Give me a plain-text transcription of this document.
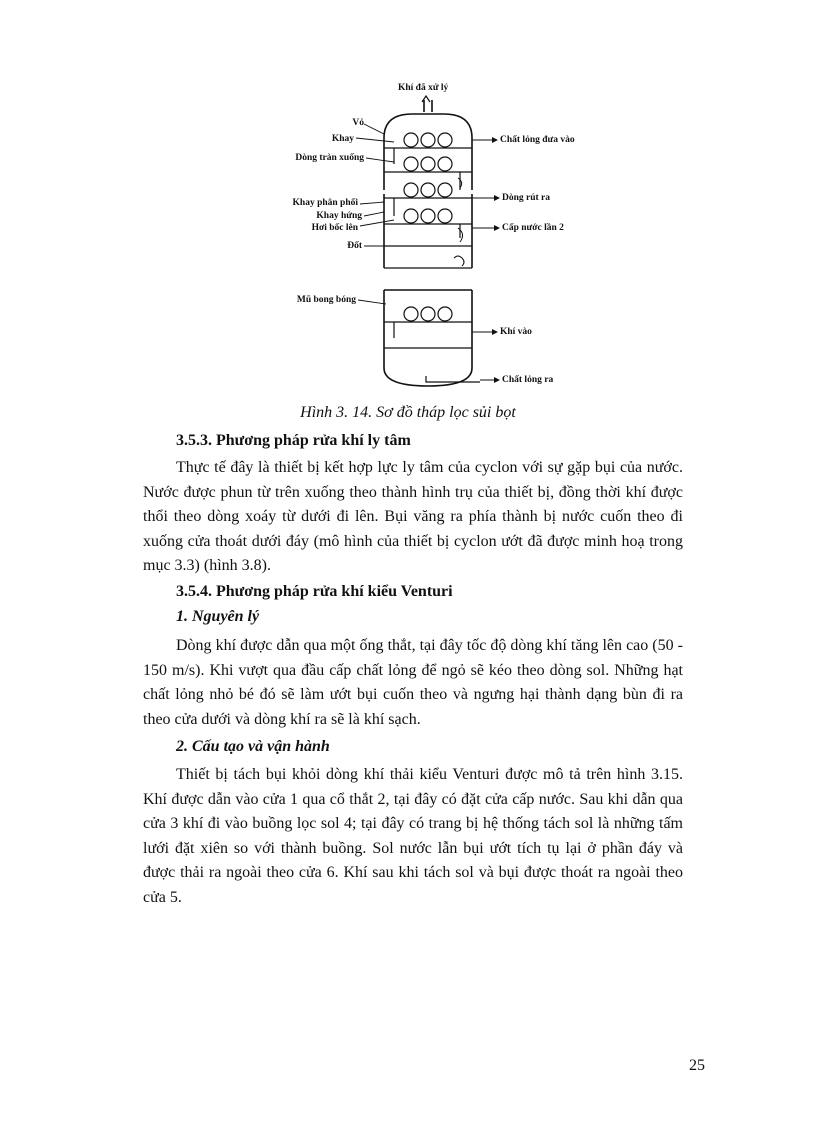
Khí đã xử lý
Vỏ
Khay
Dòng tràn xuống
Khay phân phối
Khay hứng
Hơi bốc lên
Đốt
Mũ bong bóng
Chất lỏng đưa vào
Dòng rút ra
Cấp nước lần 2
Khí vào
Chất lỏng ra
Hình 3. 14. Sơ đồ tháp lọc sủi bọt
3.5.3. Phương pháp rửa khí ly tâm

Thực tế đây là thiết bị kết hợp lực ly tâm của cyclon với sự gặp bụi của nước. Nước được phun từ trên xuống theo thành hình trụ của thiết bị, đồng thời khí được thổi theo dòng xoáy từ dưới đi lên. Bụi văng ra phía thành bị nước cuốn theo đi xuống cửa thoát dưới đáy (mô hình của thiết bị cyclon ướt đã được minh hoạ trong mục 3.3) (hình 3.8).

3.5.4. Phương pháp rửa khí kiểu Venturi
1. Nguyên lý

Dòng khí được dẫn qua một ống thắt, tại đây tốc độ dòng khí tăng lên cao (50 - 150 m/s). Khi vượt qua đầu cấp chất lỏng để ngỏ sẽ kéo theo dòng sol. Những hạt chất lỏng nhỏ bé đó sẽ làm ướt bụi cuốn theo và ngưng hại thành dạng bùn đi ra theo cửa dưới và dòng khí ra sẽ là khí sạch.

2. Cấu tạo và vận hành

Thiết bị tách bụi khỏi dòng khí thải kiểu Venturi được mô tả trên hình 3.15. Khí được dẫn vào cửa 1 qua cổ thắt 2, tại đây có đặt cửa cấp nước. Sau khi dẫn qua cửa 3 khí đi vào buồng lọc sol 4; tại đây có trang bị hệ thống tách sol là những tấm lưới đặt xiên so với thành buồng. Sol nước lẫn bụi ướt tích tụ lại ở phần đáy và được thải ra ngoài theo cửa 6. Khí sau khi tách sol và bụi được thoát ra ngoài theo cửa 5.

25
